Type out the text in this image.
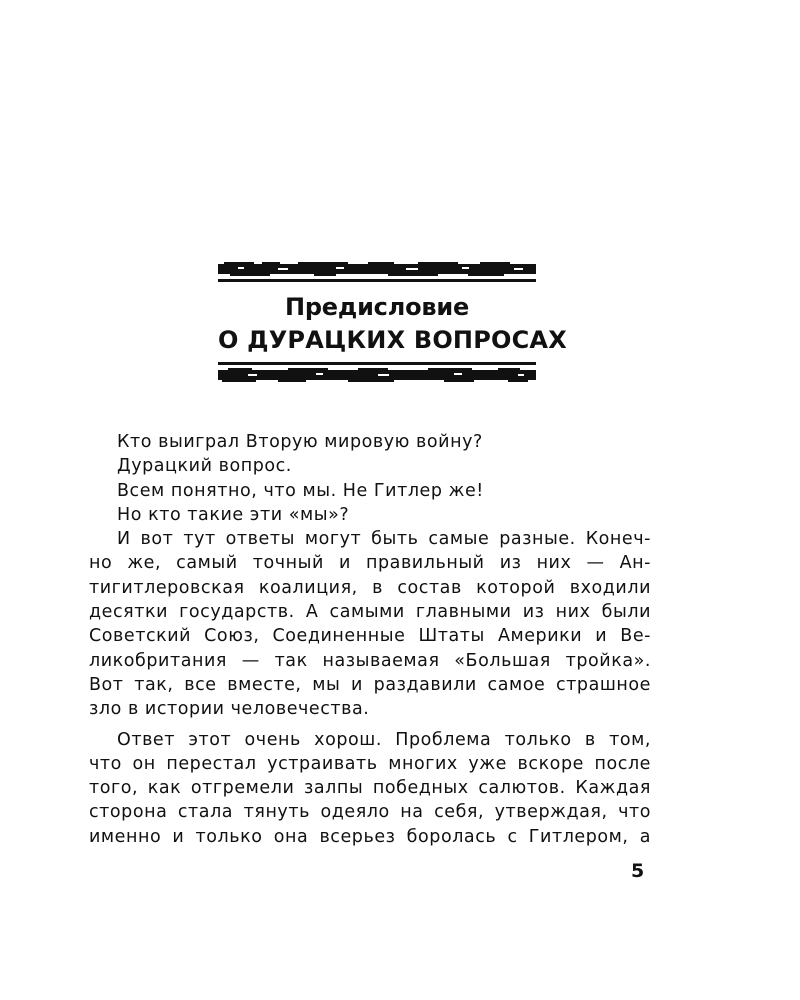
Предисловие
О ДУРАЦКИХ ВОПРОСАХ
Кто выиграл Вторую мировую войну?
Дурацкий вопрос.
Всем понятно, что мы. Не Гитлер же!
Но кто такие эти «мы»?
И вот тут ответы могут быть самые разные. Конеч-
но же, самый точный и правильный из них — Ан-
тигитлеровская коалиция, в состав которой входили
десятки государств. А самыми главными из них были
Советский Союз, Соединенные Штаты Америки и Ве-
ликобритания — так называемая «Большая тройка».
Вот так, все вместе, мы и раздавили самое страшное
зло в истории человечества.
Ответ этот очень хорош. Проблема только в том,
что он перестал устраивать многих уже вскоре после
того, как отгремели залпы победных салютов. Каждая
сторона стала тянуть одеяло на себя, утверждая, что
именно и только она всерьез боролась с Гитлером, а
5
